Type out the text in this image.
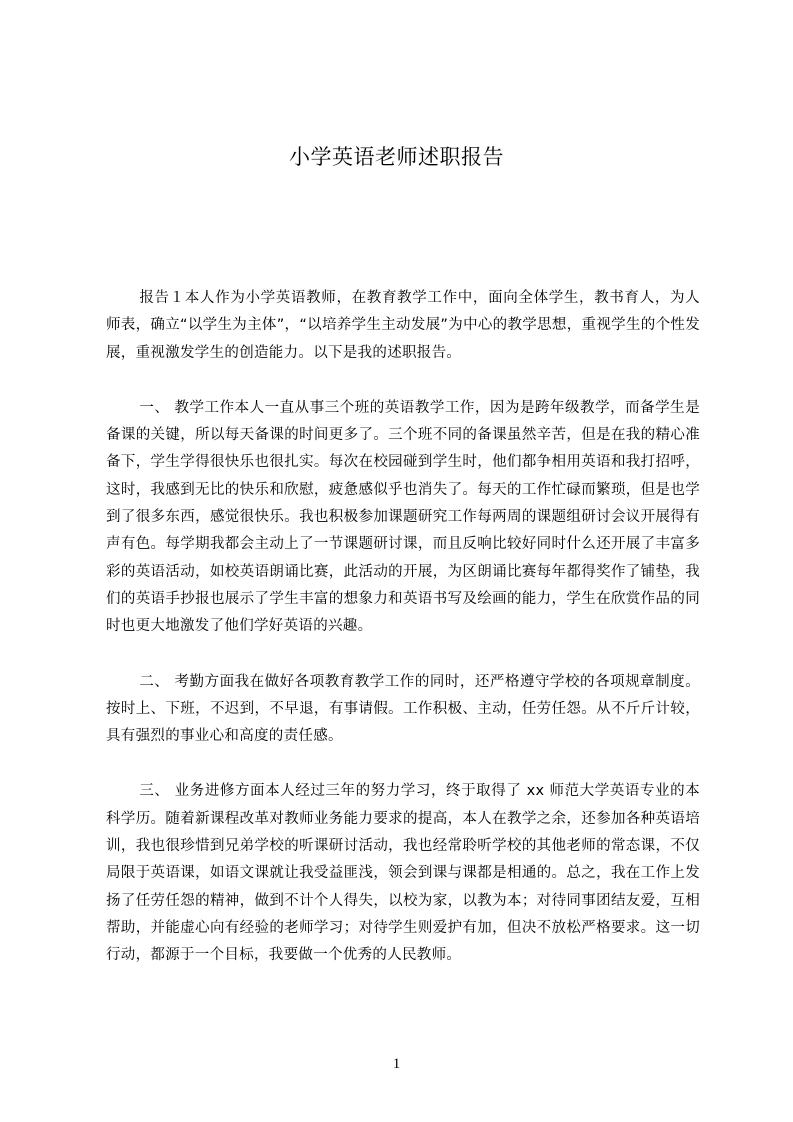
小学英语老师述职报告

报告１本人作为小学英语教师，在教育教学工作中，面向全体学生，教书育人，为人师表，确立“以学生为主体”，“以培养学生主动发展”为中心的教学思想，重视学生的个性发展，重视激发学生的创造能力。以下是我的述职报告。

一、 教学工作本人一直从事三个班的英语教学工作，因为是跨年级教学，而备学生是备课的关键，所以每天备课的时间更多了。三个班不同的备课虽然辛苦，但是在我的精心准备下，学生学得很快乐也很扎实。每次在校园碰到学生时，他们都争相用英语和我打招呼，这时，我感到无比的快乐和欣慰，疲惫感似乎也消失了。每天的工作忙碌而繁琐，但是也学到了很多东西，感觉很快乐。我也积极参加课题研究工作每两周的课题组研讨会议开展得有声有色。每学期我都会主动上了一节课题研讨课，而且反响比较好同时什么还开展了丰富多彩的英语活动，如校英语朗诵比赛，此活动的开展，为区朗诵比赛每年都得奖作了铺垫，我们的英语手抄报也展示了学生丰富的想象力和英语书写及绘画的能力，学生在欣赏作品的同时也更大地激发了他们学好英语的兴趣。

二、 考勤方面我在做好各项教育教学工作的同时，还严格遵守学校的各项规章制度。按时上、下班，不迟到，不早退，有事请假。工作积极、主动，任劳任怨。从不斤斤计较，具有强烈的事业心和高度的责任感。

三、 业务进修方面本人经过三年的努力学习，终于取得了 xx 师范大学英语专业的本科学历。随着新课程改革对教师业务能力要求的提高，本人在教学之余，还参加各种英语培训，我也很珍惜到兄弟学校的听课研讨活动，我也经常聆听学校的其他老师的常态课，不仅局限于英语课，如语文课就让我受益匪浅，领会到课与课都是相通的。总之，我在工作上发扬了任劳任怨的精神，做到不计个人得失，以校为家，以教为本；对待同事团结友爱，互相帮助，并能虚心向有经验的老师学习；对待学生则爱护有加，但决不放松严格要求。这一切行动，都源于一个目标，我要做一个优秀的人民教师。

1
